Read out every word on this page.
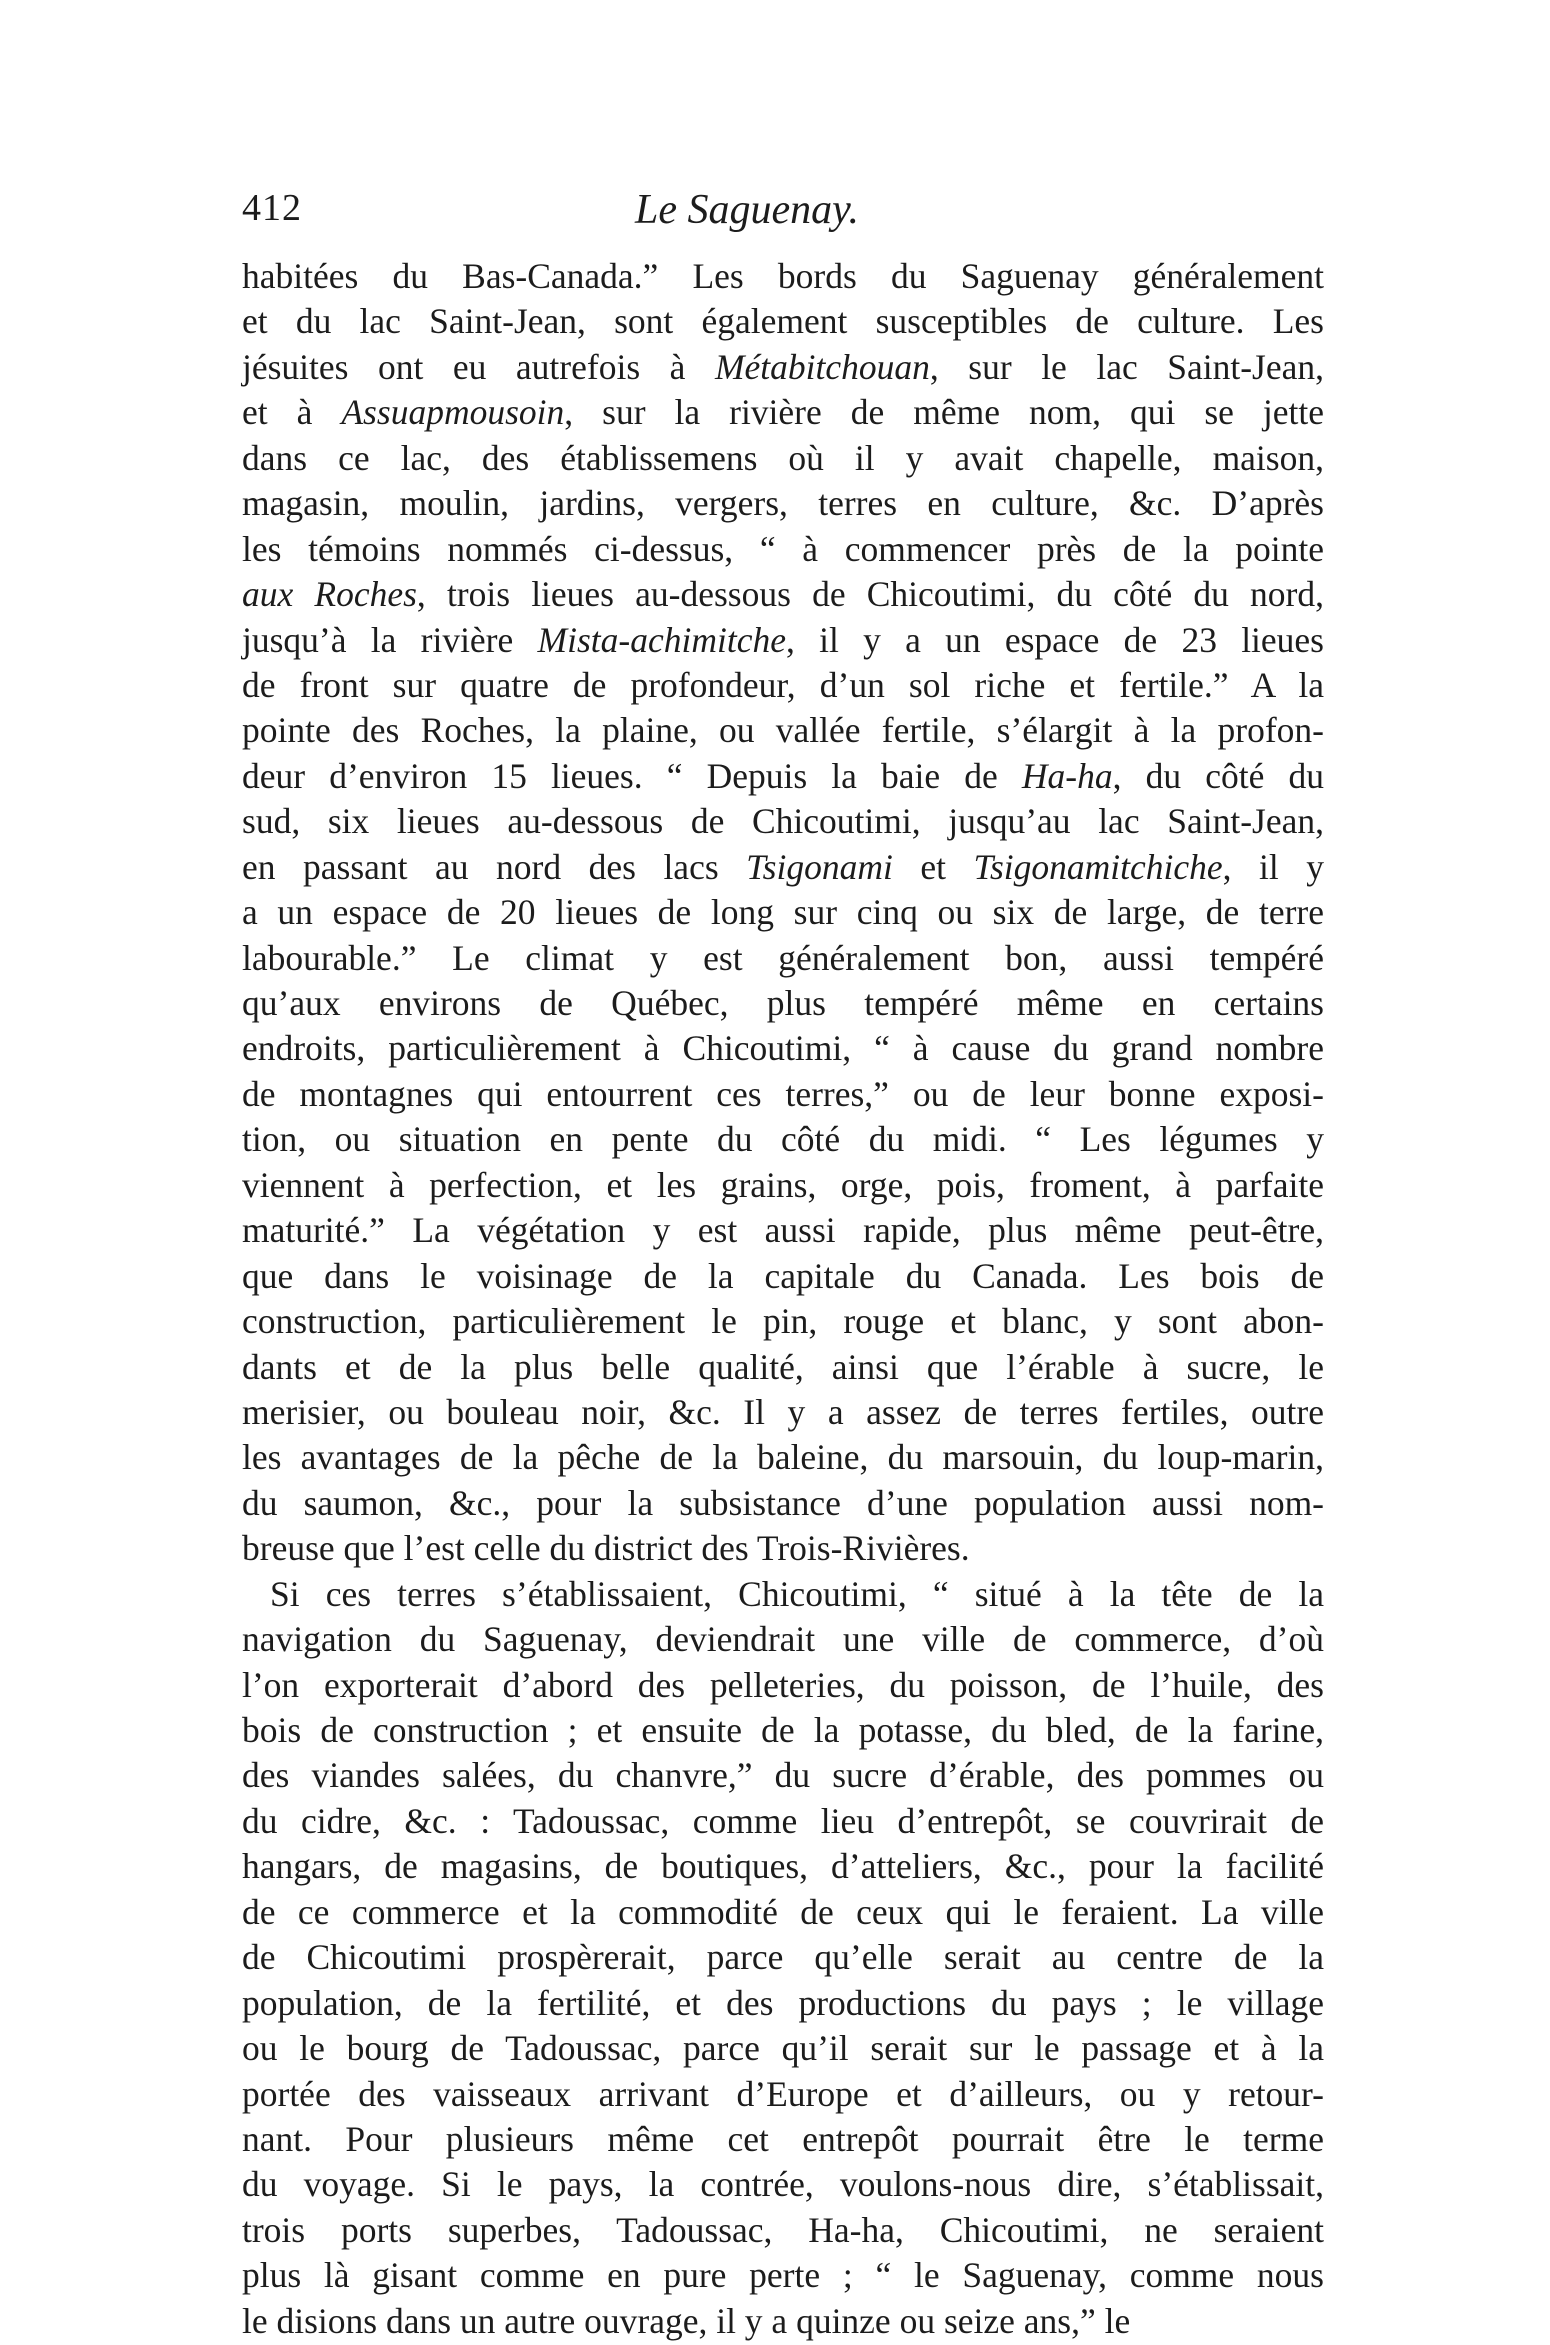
412	Le Saguenay.
habitées du Bas-Canada.” Les bords du Saguenay généralement
et du lac Saint-Jean, sont également susceptibles de culture. Les
jésuites ont eu autrefois à Métabitchouan, sur le lac Saint-Jean,
et à Assuapmousoin, sur la rivière de même nom, qui se jette
dans ce lac, des établissemens où il y avait chapelle, maison,
magasin, moulin, jardins, vergers, terres en culture, &c. D’après
les témoins nommés ci-dessus, “ à commencer près de la pointe
aux Roches, trois lieues au-dessous de Chicoutimi, du côté du nord,
jusqu’à la rivière Mista-achimitche, il y a un espace de 23 lieues
de front sur quatre de profondeur, d’un sol riche et fertile.” A la
pointe des Roches, la plaine, ou vallée fertile, s’élargit à la profon-
deur d’environ 15 lieues. “ Depuis la baie de Ha-ha, du côté du
sud, six lieues au-dessous de Chicoutimi, jusqu’au lac Saint-Jean,
en passant au nord des lacs Tsigonami et Tsigonamitchiche, il y
a un espace de 20 lieues de long sur cinq ou six de large, de terre
labourable.” Le climat y est généralement bon, aussi tempéré
qu’aux environs de Québec, plus tempéré même en certains
endroits, particulièrement à Chicoutimi, “ à cause du grand nombre
de montagnes qui entourrent ces terres,” ou de leur bonne exposi-
tion, ou situation en pente du côté du midi. “ Les légumes y
viennent à perfection, et les grains, orge, pois, froment, à parfaite
maturité.” La végétation y est aussi rapide, plus même peut-être,
que dans le voisinage de la capitale du Canada. Les bois de
construction, particulièrement le pin, rouge et blanc, y sont abon-
dants et de la plus belle qualité, ainsi que l’érable à sucre, le
merisier, ou bouleau noir, &c. Il y a assez de terres fertiles, outre
les avantages de la pêche de la baleine, du marsouin, du loup-marin,
du saumon, &c., pour la subsistance d’une population aussi nom-
breuse que l’est celle du district des Trois-Rivières.
Si ces terres s’établissaient, Chicoutimi, “ situé à la tête de la
navigation du Saguenay, deviendrait une ville de commerce, d’où
l’on exporterait d’abord des pelleteries, du poisson, de l’huile, des
bois de construction ; et ensuite de la potasse, du bled, de la farine,
des viandes salées, du chanvre,” du sucre d’érable, des pommes ou
du cidre, &c. : Tadoussac, comme lieu d’entrepôt, se couvrirait de
hangars, de magasins, de boutiques, d’atteliers, &c., pour la facilité
de ce commerce et la commodité de ceux qui le feraient. La ville
de Chicoutimi prospèrerait, parce qu’elle serait au centre de la
population, de la fertilité, et des productions du pays ; le village
ou le bourg de Tadoussac, parce qu’il serait sur le passage et à la
portée des vaisseaux arrivant d’Europe et d’ailleurs, ou y retour-
nant. Pour plusieurs même cet entrepôt pourrait être le terme
du voyage. Si le pays, la contrée, voulons-nous dire, s’établissait,
trois ports superbes, Tadoussac, Ha-ha, Chicoutimi, ne seraient
plus là gisant comme en pure perte ; “ le Saguenay, comme nous
le disions dans un autre ouvrage, il y a quinze ou seize ans,” le
